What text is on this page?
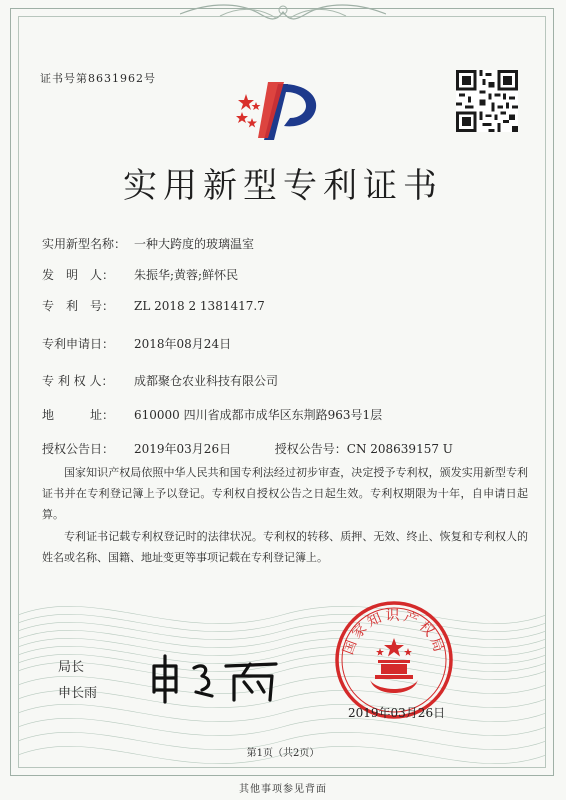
证书号第8631962号
实用新型专利证书
实用新型名称： 一种大跨度的玻璃温室
发　明　人： 朱振华;黄蓉;鲜怀民
专　利　号： ZL 2018 2 1381417.7
专利申请日： 2018年08月24日
专 利 权 人： 成都聚仓农业科技有限公司
地　　　址： 610000 四川省成都市成华区东荆路963号1层
授权公告日： 2019年03月26日	授权公告号：CN 208639157 U
国家知识产权局依照中华人民共和国专利法经过初步审查，决定授予专利权，颁发实用新型专利证书并在专利登记簿上予以登记。专利权自授权公告之日起生效。专利权期限为十年，自申请日起算。
专利证书记载专利权登记时的法律状况。专利权的转移、质押、无效、终止、恢复和专利权人的姓名或名称、国籍、地址变更等事项记载在专利登记簿上。
局长
申长雨
国家知识产权局
2019年03月26日
第1页（共2页）
其他事项参见背面
